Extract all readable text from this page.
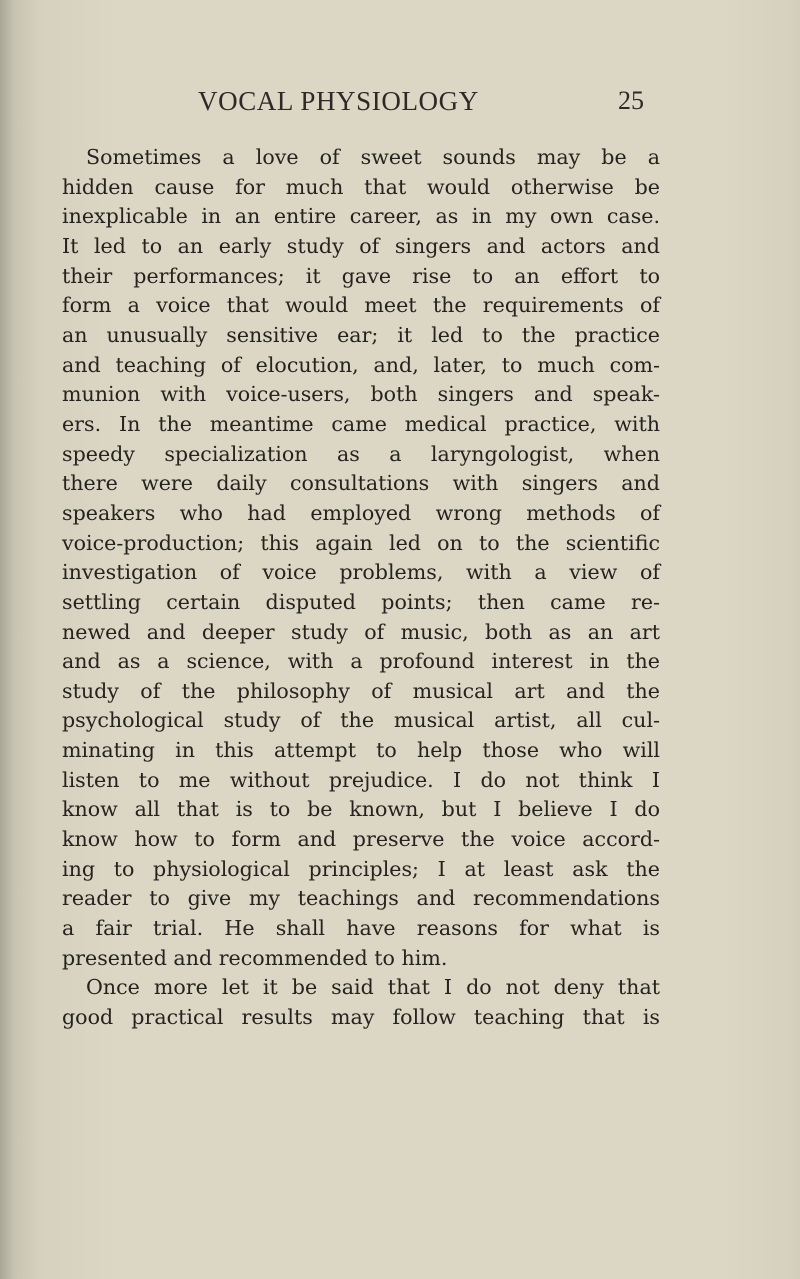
VOCAL PHYSIOLOGY	25
Sometimes a love of sweet sounds may be a
hidden cause for much that would otherwise be
inexplicable in an entire career, as in my own case.
It led to an early study of singers and actors and
their performances; it gave rise to an effort to
form a voice that would meet the requirements of
an unusually sensitive ear; it led to the practice
and teaching of elocution, and, later, to much com-
munion with voice-users, both singers and speak-
ers. In the meantime came medical practice, with
speedy specialization as a laryngologist, when
there were daily consultations with singers and
speakers who had employed wrong methods of
voice-production; this again led on to the scientific
investigation of voice problems, with a view of
settling certain disputed points; then came re-
newed and deeper study of music, both as an art
and as a science, with a profound interest in the
study of the philosophy of musical art and the
psychological study of the musical artist, all cul-
minating in this attempt to help those who will
listen to me without prejudice. I do not think I
know all that is to be known, but I believe I do
know how to form and preserve the voice accord-
ing to physiological principles; I at least ask the
reader to give my teachings and recommendations
a fair trial. He shall have reasons for what is
presented and recommended to him.
Once more let it be said that I do not deny that
good practical results may follow teaching that is
